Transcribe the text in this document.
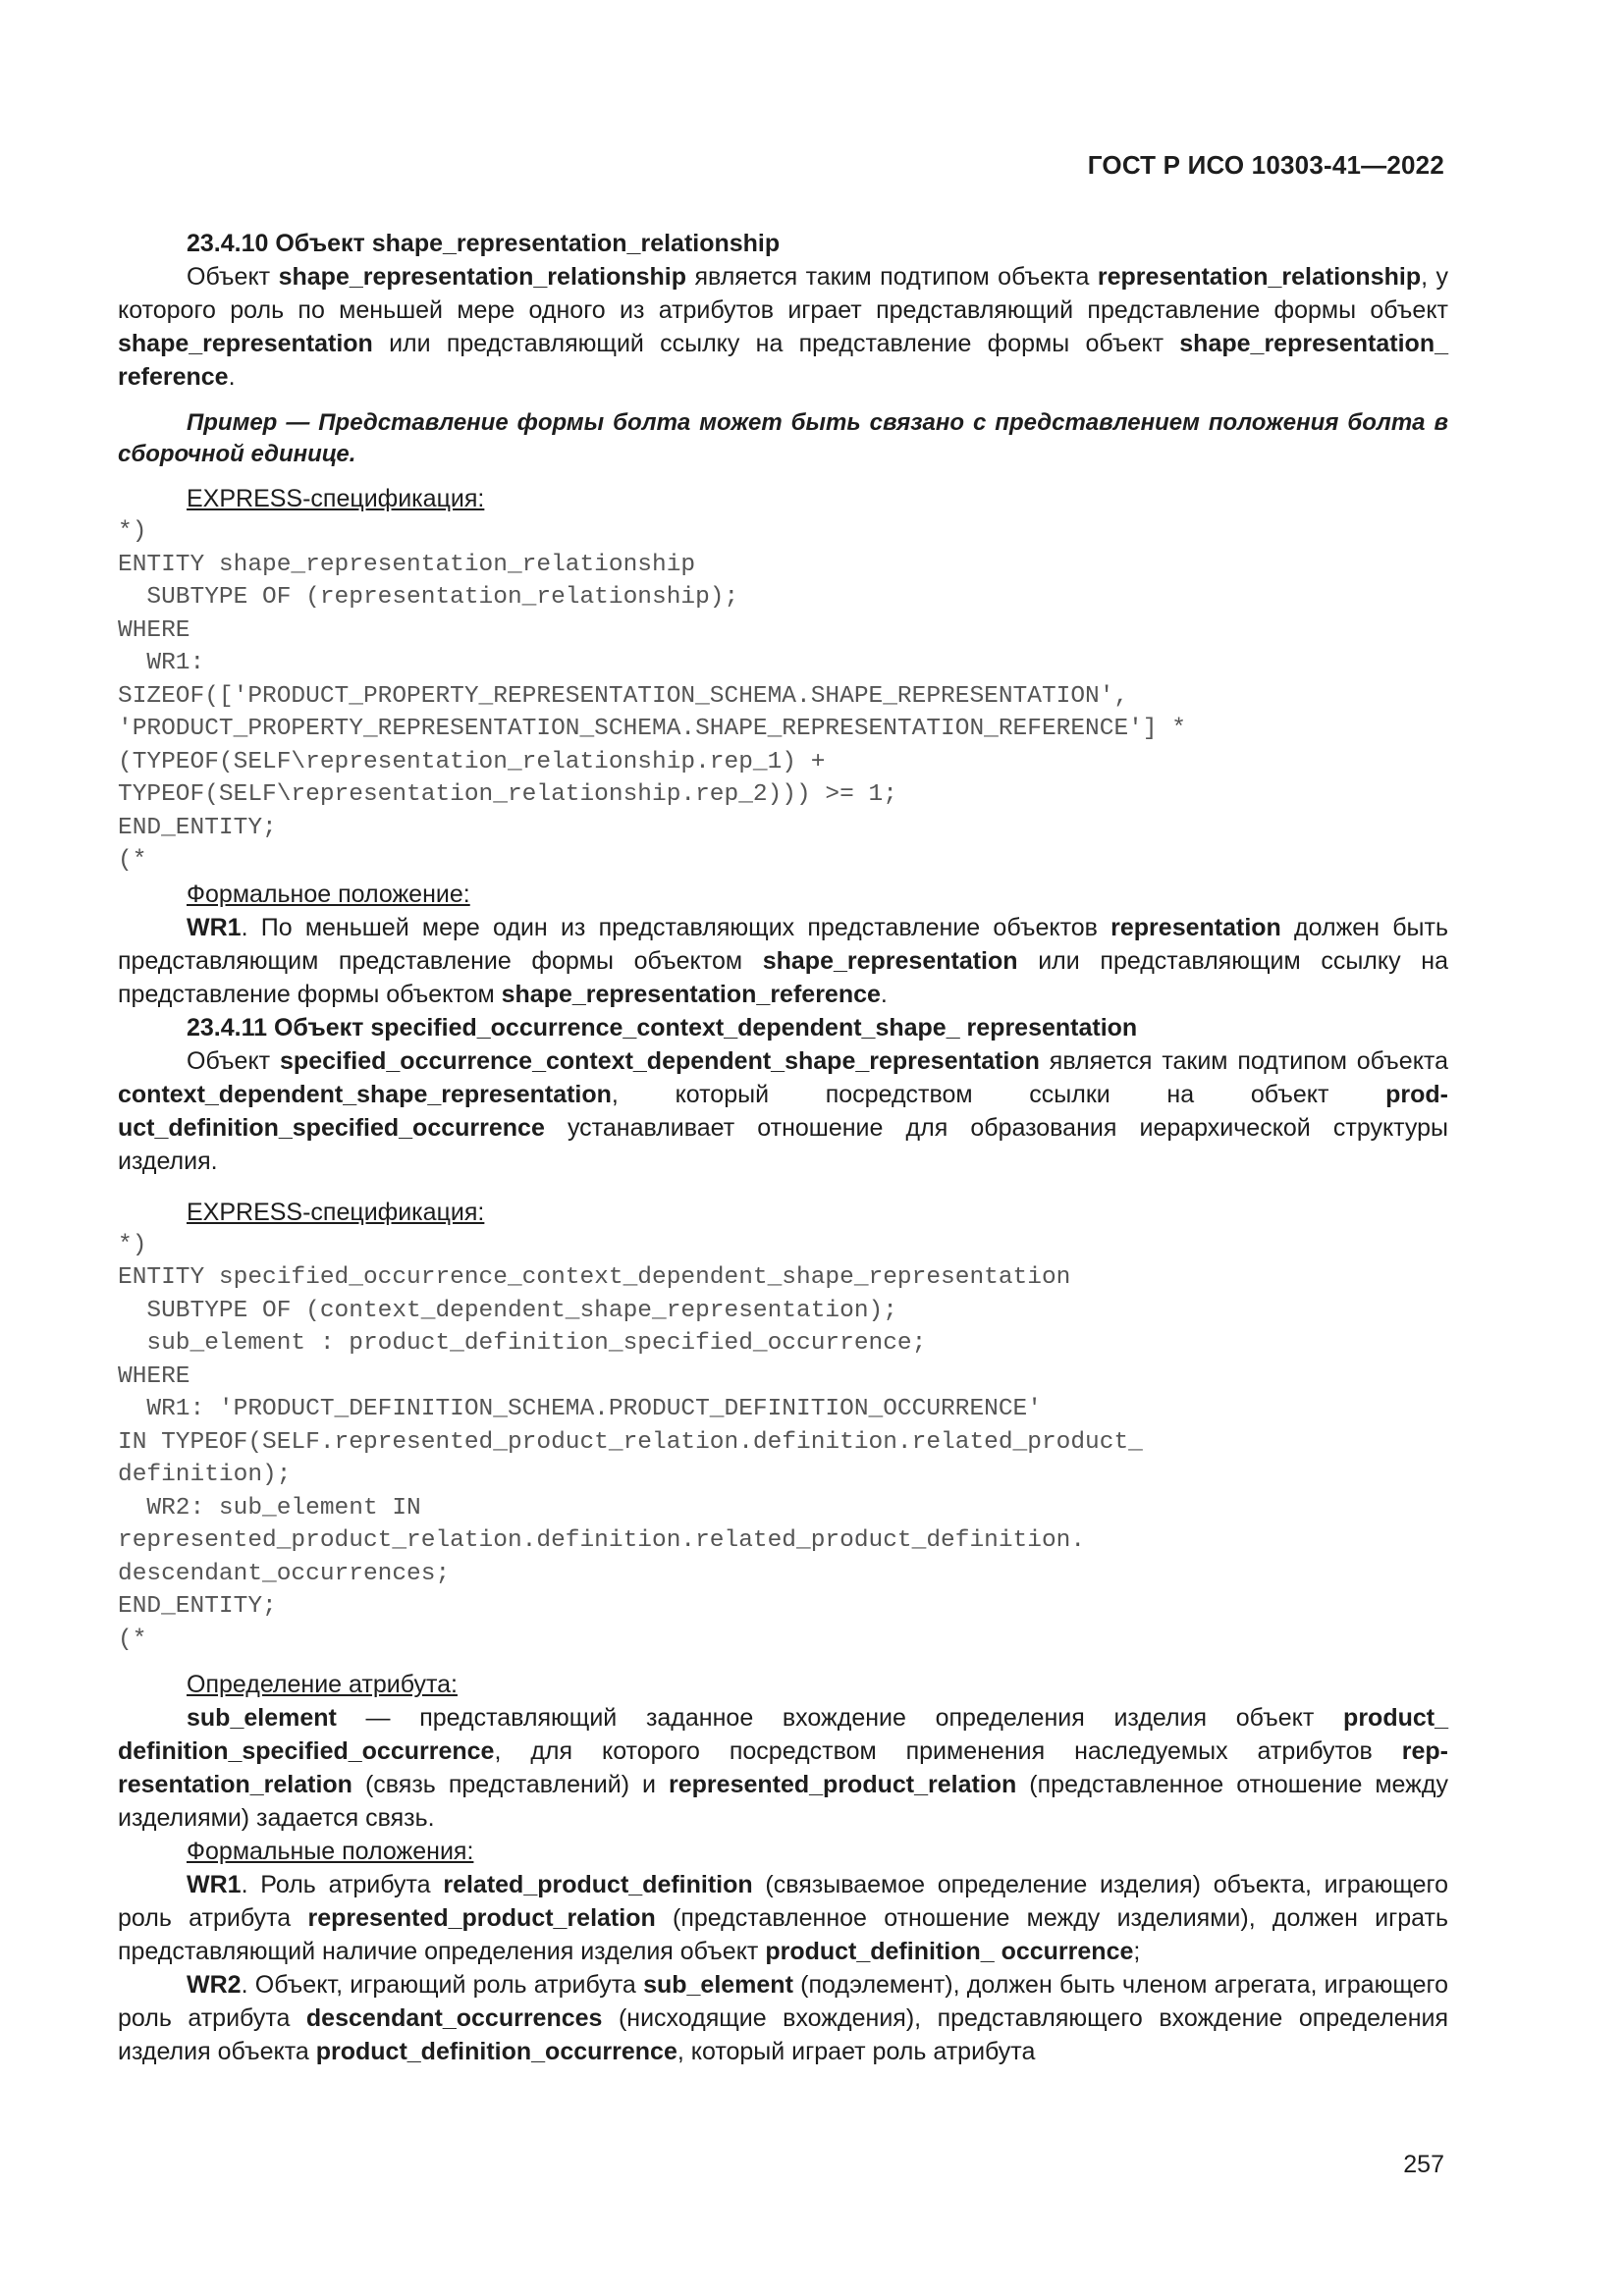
ГОСТ Р ИСО 10303-41—2022
23.4.10 Объект shape_representation_relationship
Объект shape_representation_relationship является таким подтипом объекта representation_relationship, у которого роль по меньшей мере одного из атрибутов играет представляющий представление формы объект shape_representation или представляющий ссылку на представление формы объект shape_representation_ reference.
Пример — Представление формы болта может быть связано с представлением положения болта в сборочной единице.
EXPRESS-спецификация:
*)
ENTITY shape_representation_relationship
SUBTYPE OF (representation_relationship);
WHERE
WR1:
SIZEOF(['PRODUCT_PROPERTY_REPRESENTATION_SCHEMA.SHAPE_REPRESENTATION',
'PRODUCT_PROPERTY_REPRESENTATION_SCHEMA.SHAPE_REPRESENTATION_REFERENCE'] *
(TYPEOF(SELF\representation_relationship.rep_1) +
TYPEOF(SELF\representation_relationship.rep_2))) >= 1;
END_ENTITY;
(*
Формальное положение:
WR1. По меньшей мере один из представляющих представление объектов representation должен быть представляющим представление формы объектом shape_representation или представляющим ссылку на представление формы объектом shape_representation_reference.
23.4.11 Объект specified_occurrence_context_dependent_shape_ representation
Объект specified_occurrence_context_dependent_shape_representation является таким подтипом объекта context_dependent_shape_representation, который посредством ссылки на объект product_definition_specified_occurrence устанавливает отношение для образования иерархической структуры изделия.
EXPRESS-спецификация:
*)
ENTITY specified_occurrence_context_dependent_shape_representation
SUBTYPE OF (context_dependent_shape_representation);
sub_element : product_definition_specified_occurrence;
WHERE
WR1: 'PRODUCT_DEFINITION_SCHEMA.PRODUCT_DEFINITION_OCCURRENCE'
IN TYPEOF(SELF.represented_product_relation.definition.related_product_
definition);
WR2: sub_element IN
represented_product_relation.definition.related_product_definition.
descendant_occurrences;
END_ENTITY;
(*
Определение атрибута:
sub_element — представляющий заданное вхождение определения изделия объект product_ definition_specified_occurrence, для которого посредством применения наследуемых атрибутов representation_relation (связь представлений) и represented_product_relation (представленное отношение между изделиями) задается связь.
Формальные положения:
WR1. Роль атрибута related_product_definition (связываемое определение изделия) объекта, играющего роль атрибута represented_product_relation (представленное отношение между изделиями), должен играть представляющий наличие определения изделия объект product_definition_ occurrence;
WR2. Объект, играющий роль атрибута sub_element (подэлемент), должен быть членом агрегата, играющего роль атрибута descendant_occurrences (нисходящие вхождения), представляющего вхождение определения изделия объекта product_definition_occurrence, который играет роль атрибута
257
